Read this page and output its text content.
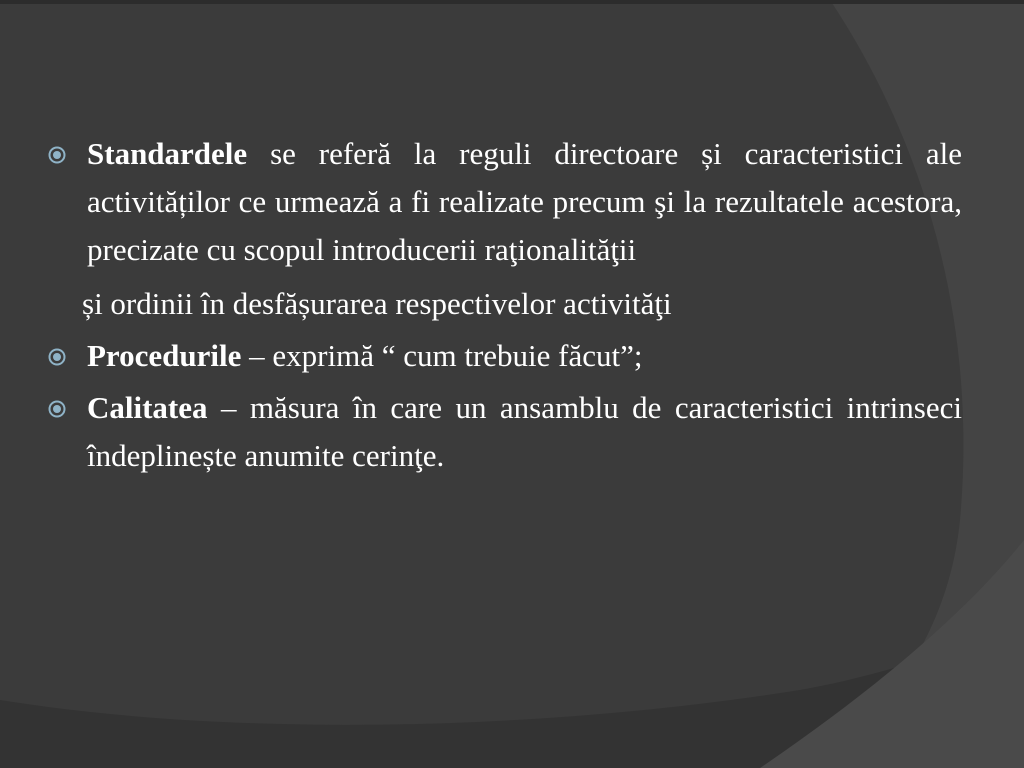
Standardele se referă la reguli directoare și caracteristici ale activităților ce urmează a fi realizate precum şi la rezultatele acestora, precizate cu scopul introducerii raţionalităţii
și ordinii în desfășurarea respectivelor activităţi
Procedurile – exprimă “ cum trebuie făcut”;
Calitatea – măsura în care un ansamblu de caracteristici intrinseci îndeplinește anumite cerinţe.
